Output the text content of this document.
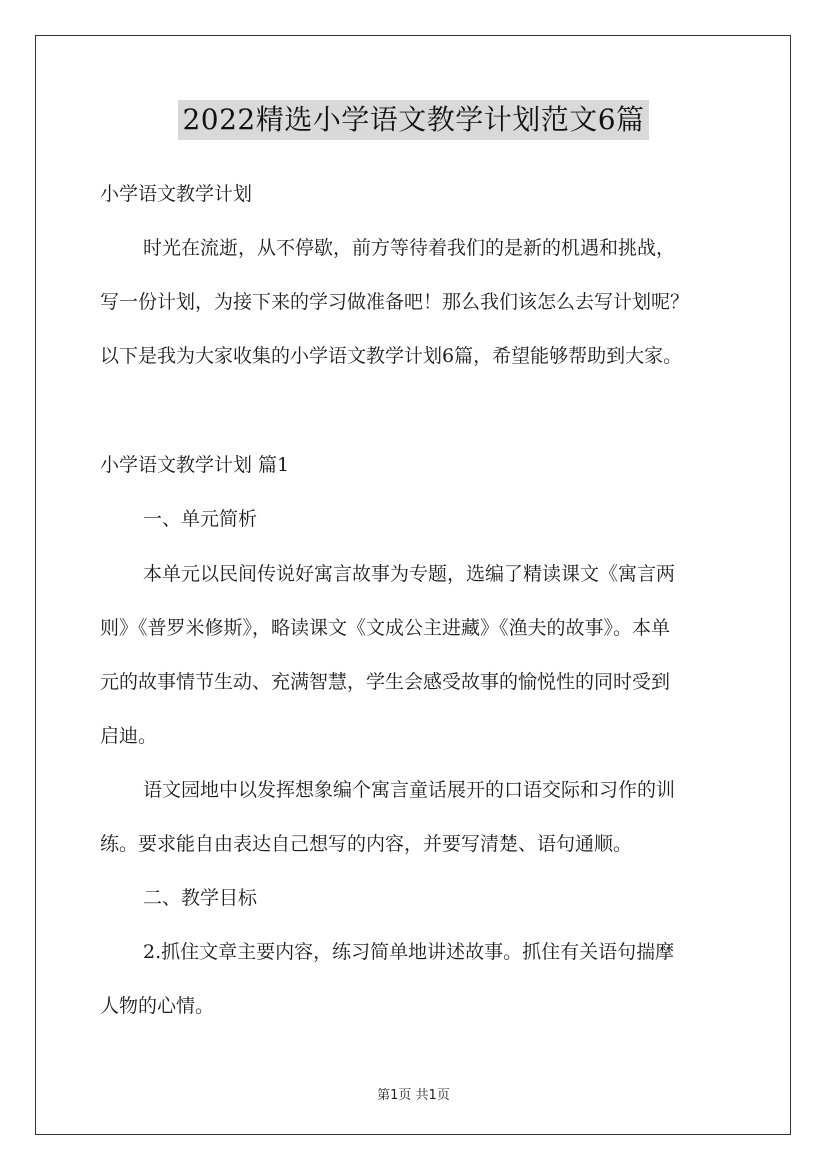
2022精选小学语文教学计划范文6篇
小学语文教学计划
时光在流逝，从不停歇，前方等待着我们的是新的机遇和挑战，
写一份计划，为接下来的学习做准备吧！那么我们该怎么去写计划呢？
以下是我为大家收集的小学语文教学计划6篇，希望能够帮助到大家。
小学语文教学计划 篇1
一、单元简析
本单元以民间传说好寓言故事为专题，选编了精读课文《寓言两
则》《普罗米修斯》，略读课文《文成公主进藏》《渔夫的故事》。本单
元的故事情节生动、充满智慧，学生会感受故事的愉悦性的同时受到
启迪。
语文园地中以发挥想象编个寓言童话展开的口语交际和习作的训
练。要求能自由表达自己想写的内容，并要写清楚、语句通顺。
二、教学目标
2.抓住文章主要内容，练习简单地讲述故事。抓住有关语句揣摩
人物的心情。
第1页 共1页
